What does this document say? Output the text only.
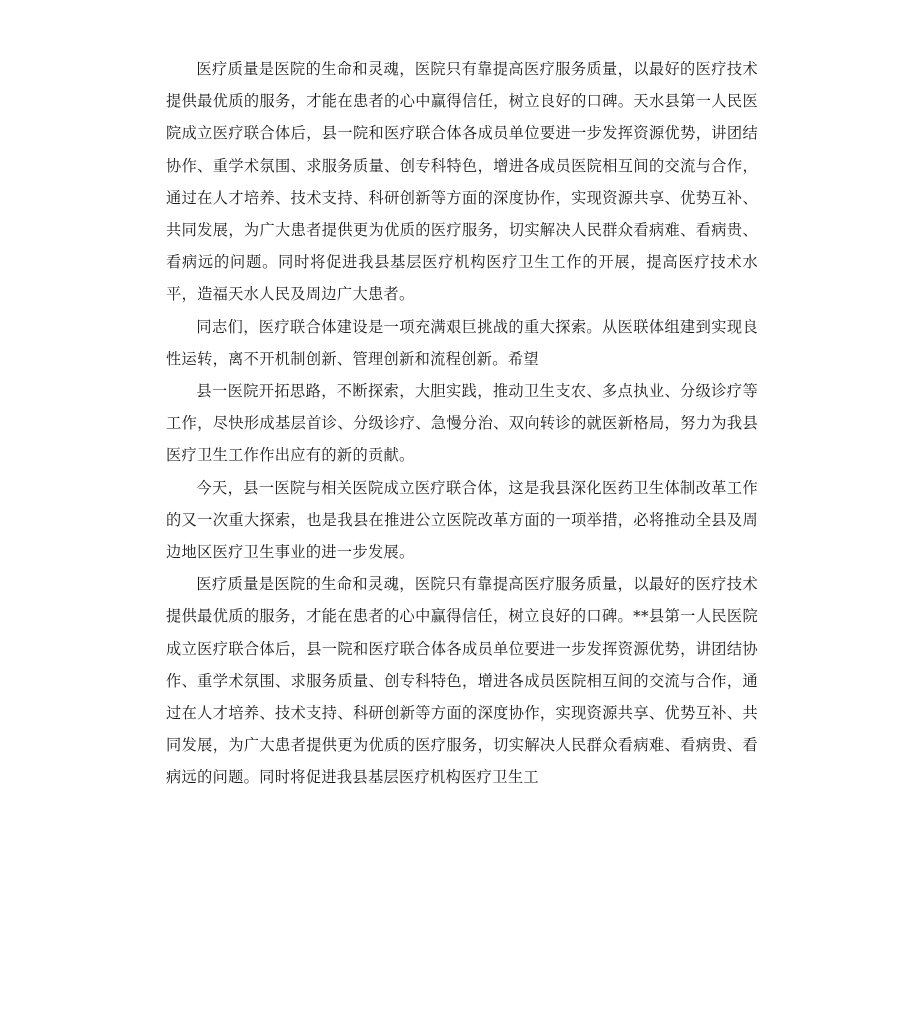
医疗质量是医院的生命和灵魂，医院只有靠提高医疗服务质量，以最好的医疗技术提供最优质的服务，才能在患者的心中赢得信任，树立良好的口碑。天水县第一人民医院成立医疗联合体后，县一院和医疗联合体各成员单位要进一步发挥资源优势，讲团结协作、重学术氛围、求服务质量、创专科特色，增进各成员医院相互间的交流与合作，通过在人才培养、技术支持、科研创新等方面的深度协作，实现资源共享、优势互补、共同发展，为广大患者提供更为优质的医疗服务，切实解决人民群众看病难、看病贵、看病远的问题。同时将促进我县基层医疗机构医疗卫生工作的开展，提高医疗技术水平，造福天水人民及周边广大患者。

同志们，医疗联合体建设是一项充满艰巨挑战的重大探索。从医联体组建到实现良性运转，离不开机制创新、管理创新和流程创新。希望

县一医院开拓思路，不断探索，大胆实践，推动卫生支农、多点执业、分级诊疗等工作，尽快形成基层首诊、分级诊疗、急慢分治、双向转诊的就医新格局，努力为我县医疗卫生工作作出应有的新的贡献。

今天，县一医院与相关医院成立医疗联合体，这是我县深化医药卫生体制改革工作的又一次重大探索，也是我县在推进公立医院改革方面的一项举措，必将推动全县及周边地区医疗卫生事业的进一步发展。

医疗质量是医院的生命和灵魂，医院只有靠提高医疗服务质量，以最好的医疗技术提供最优质的服务，才能在患者的心中赢得信任，树立良好的口碑。**县第一人民医院成立医疗联合体后，县一院和医疗联合体各成员单位要进一步发挥资源优势，讲团结协作、重学术氛围、求服务质量、创专科特色，增进各成员医院相互间的交流与合作，通过在人才培养、技术支持、科研创新等方面的深度协作，实现资源共享、优势互补、共同发展，为广大患者提供更为优质的医疗服务，切实解决人民群众看病难、看病贵、看病远的问题。同时将促进我县基层医疗机构医疗卫生工
